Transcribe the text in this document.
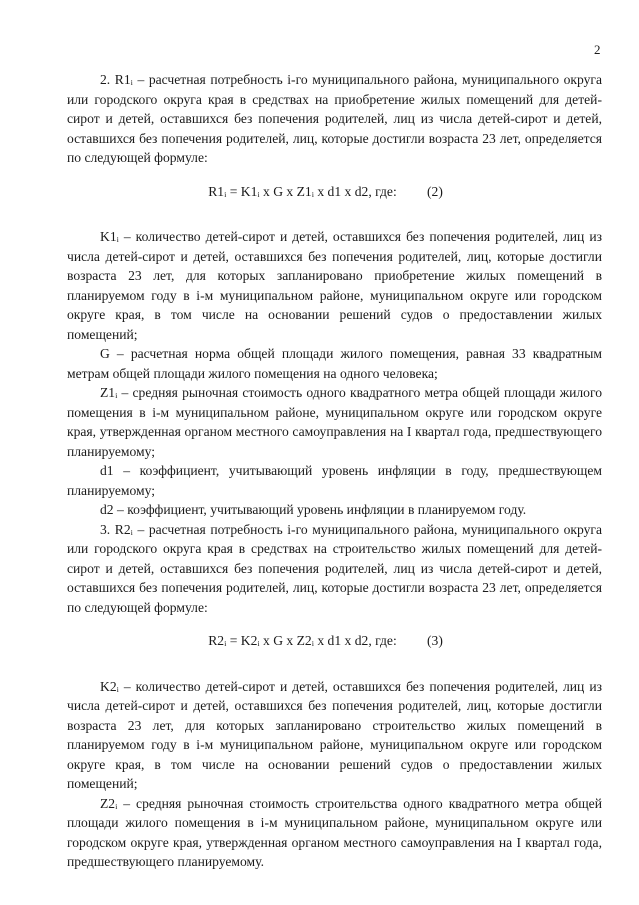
2

2. R1ᵢ – расчетная потребность i-го муниципального района, муниципального округа или городского округа края в средствах на приобретение жилых помещений для детей-сирот и детей, оставшихся без попечения родителей, лиц из числа детей-сирот и детей, оставшихся без попечения родителей, лиц, которые достигли возраста 23 лет, определяется по следующей формуле:

R1ᵢ = K1ᵢ x G x Z1ᵢ x d1 x d2, где: (2)

K1ᵢ – количество детей-сирот и детей, оставшихся без попечения родителей, лиц из числа детей-сирот и детей, оставшихся без попечения родителей, лиц, которые достигли возраста 23 лет, для которых запланировано приобретение жилых помещений в планируемом году в i-м муниципальном районе, муниципальном округе или городском округе края, в том числе на основании решений судов о предоставлении жилых помещений;

G – расчетная норма общей площади жилого помещения, равная 33 квадратным метрам общей площади жилого помещения на одного человека;

Z1ᵢ – средняя рыночная стоимость одного квадратного метра общей площади жилого помещения в i-м муниципальном районе, муниципальном округе или городском округе края, утвержденная органом местного самоуправления на I квартал года, предшествующего планируемому;

d1 – коэффициент, учитывающий уровень инфляции в году, предшествующем планируемому;

d2 – коэффициент, учитывающий уровень инфляции в планируемом году.

3. R2ᵢ – расчетная потребность i-го муниципального района, муниципального округа или городского округа края в средствах на строительство жилых помещений для детей-сирот и детей, оставшихся без попечения родителей, лиц из числа детей-сирот и детей, оставшихся без попечения родителей, лиц, которые достигли возраста 23 лет, определяется по следующей формуле:

R2ᵢ = K2ᵢ x G x Z2ᵢ x d1 x d2, где: (3)

K2ᵢ – количество детей-сирот и детей, оставшихся без попечения родителей, лиц из числа детей-сирот и детей, оставшихся без попечения родителей, лиц, которые достигли возраста 23 лет, для которых запланировано строительство жилых помещений в планируемом году в i-м муниципальном районе, муниципальном округе или городском округе края, в том числе на основании решений судов о предоставлении жилых помещений;

Z2ᵢ – средняя рыночная стоимость строительства одного квадратного метра общей площади жилого помещения в i-м муниципальном районе, муниципальном округе или городском округе края, утвержденная органом местного самоуправления на I квартал года, предшествующего планируемому.
